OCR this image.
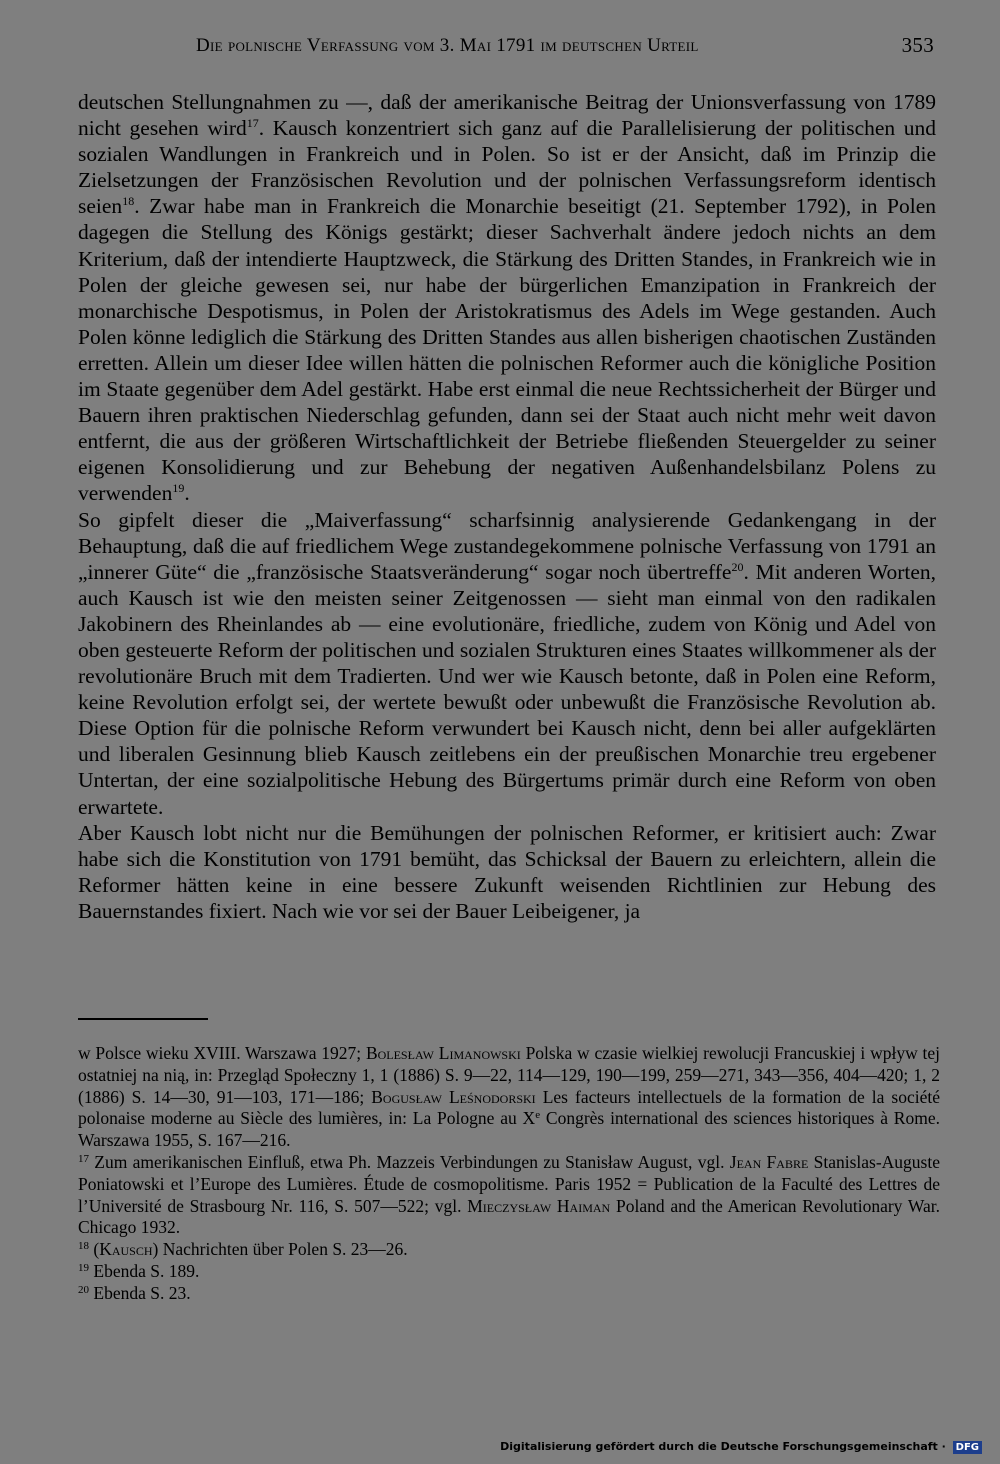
Die polnische Verfassung vom 3. Mai 1791 im deutschen Urteil	353

deutschen Stellungnahmen zu —, daß der amerikanische Beitrag der Unionsverfassung von 1789 nicht gesehen wird$^{17}$. Kausch konzentriert sich ganz auf die Parallelisierung der politischen und sozialen Wandlungen in Frankreich und in Polen. So ist er der Ansicht, daß im Prinzip die Zielsetzungen der Französischen Revolution und der polnischen Verfassungsreform identisch seien$^{18}$. Zwar habe man in Frankreich die Monarchie beseitigt (21. September 1792), in Polen dagegen die Stellung des Königs gestärkt; dieser Sachverhalt ändere jedoch nichts an dem Kriterium, daß der intendierte Hauptzweck, die Stärkung des Dritten Standes, in Frankreich wie in Polen der gleiche gewesen sei, nur habe der bürgerlichen Emanzipation in Frankreich der monarchische Despotismus, in Polen der Aristokratismus des Adels im Wege gestanden. Auch Polen könne lediglich die Stärkung des Dritten Standes aus allen bisherigen chaotischen Zuständen erretten. Allein um dieser Idee willen hätten die polnischen Reformer auch die königliche Position im Staate gegenüber dem Adel gestärkt. Habe erst einmal die neue Rechtssicherheit der Bürger und Bauern ihren praktischen Niederschlag gefunden, dann sei der Staat auch nicht mehr weit davon entfernt, die aus der größeren Wirtschaftlichkeit der Betriebe fließenden Steuergelder zu seiner eigenen Konsolidierung und zur Behebung der negativen Außenhandelsbilanz Polens zu verwenden$^{19}$.

So gipfelt dieser die „Maiverfassung“ scharfsinnig analysierende Gedankengang in der Behauptung, daß die auf friedlichem Wege zustandegekommene polnische Verfassung von 1791 an „innerer Güte“ die „französische Staatsveränderung“ sogar noch übertreffe$^{20}$. Mit anderen Worten, auch Kausch ist wie den meisten seiner Zeitgenossen — sieht man einmal von den radikalen Jakobinern des Rheinlandes ab — eine evolutionäre, friedliche, zudem von König und Adel von oben gesteuerte Reform der politischen und sozialen Strukturen eines Staates willkommener als der revolutionäre Bruch mit dem Tradierten. Und wer wie Kausch betonte, daß in Polen eine Reform, keine Revolution erfolgt sei, der wertete bewußt oder unbewußt die Französische Revolution ab. Diese Option für die polnische Reform verwundert bei Kausch nicht, denn bei aller aufgeklärten und liberalen Gesinnung blieb Kausch zeitlebens ein der preußischen Monarchie treu ergebener Untertan, der eine sozialpolitische Hebung des Bürgertums primär durch eine Reform von oben erwartete.

Aber Kausch lobt nicht nur die Bemühungen der polnischen Reformer, er kritisiert auch: Zwar habe sich die Konstitution von 1791 bemüht, das Schicksal der Bauern zu erleichtern, allein die Reformer hätten keine in eine bessere Zukunft weisenden Richtlinien zur Hebung des Bauernstandes fixiert. Nach wie vor sei der Bauer Leibeigener, ja

w Polsce wieku XVIII. Warszawa 1927; Bolesław Limanowski Polska w czasie wielkiej rewolucji Francuskiej i wpływ tej ostatniej na nią, in: Przegląd Społeczny 1, 1 (1886) S. 9—22, 114—129, 190—199, 259—271, 343—356, 404—420; 1, 2 (1886) S. 14—30, 91—103, 171—186; Bogusław Leśnodorski Les facteurs intellectuels de la formation de la société polonaise moderne au Siècle des lumières, in: La Pologne au Xe Congrès international des sciences historiques à Rome. Warszawa 1955, S. 167—216.

$^{17}$ Zum amerikanischen Einfluß, etwa Ph. Mazzeis Verbindungen zu Stanisław August, vgl. Jean Fabre Stanislas-Auguste Poniatowski et l’Europe des Lumières. Étude de cosmopolitisme. Paris 1952 = Publication de la Faculté des Lettres de l’Université de Strasbourg Nr. 116, S. 507—522; vgl. Mieczysław Haiman Poland and the American Revolutionary War. Chicago 1932.

$^{18}$ (Kausch) Nachrichten über Polen S. 23—26.

$^{19}$ Ebenda S. 189.

$^{20}$ Ebenda S. 23.

Digitalisierung gefördert durch die Deutsche Forschungsgemeinschaft · DFG
